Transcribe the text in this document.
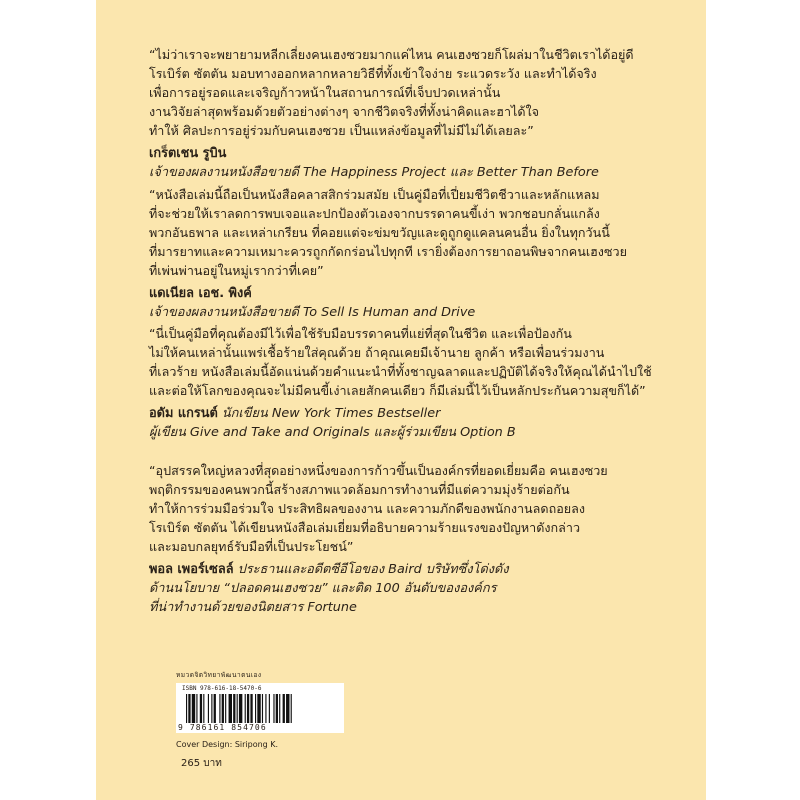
“ไม่ว่าเราจะพยายามหลีกเลี่ยงคนเฮงซวยมากแค่ไหน คนเฮงซวยก็โผล่มาในชีวิตเราได้อยู่ดี
โรเบิร์ต ซัตตัน มอบทางออกหลากหลายวิธีที่ทั้งเข้าใจง่าย ระแวดระวัง และทำได้จริง
เพื่อการอยู่รอดและเจริญก้าวหน้าในสถานการณ์ที่เจ็บปวดเหล่านั้น
งานวิจัยล่าสุดพร้อมด้วยตัวอย่างต่างๆ จากชีวิตจริงที่ทั้งน่าคิดและฮาได้ใจ
ทำให้ ศิลปะการอยู่ร่วมกับคนเฮงซวย เป็นแหล่งข้อมูลที่ไม่มีไม่ได้เลยละ”

เกร็ตเชน รูบิน

เจ้าของผลงานหนังสือขายดี The Happiness Project และ Better Than Before

“หนังสือเล่มนี้ถือเป็นหนังสือคลาสสิกร่วมสมัย เป็นคู่มือที่เปี่ยมชีวิตชีวาและหลักแหลม
ที่จะช่วยให้เราลดการพบเจอและปกป้องตัวเองจากบรรดาคนขี้เง่า พวกชอบกลั่นแกล้ง
พวกอันธพาล และเหล่าเกรียน ที่คอยแต่จะข่มขวัญและดูถูกดูแคลนคนอื่น ยิ่งในทุกวันนี้
ที่มารยาทและความเหมาะควรถูกกัดกร่อนไปทุกที เรายิ่งต้องการยาถอนพิษจากคนเฮงซวย
ที่เพ่นพ่านอยู่ในหมู่เรากว่าที่เคย”

แดเนียล เอช. พิงค์

เจ้าของผลงานหนังสือขายดี To Sell Is Human and Drive

“นี่เป็นคู่มือที่คุณต้องมีไว้เพื่อใช้รับมือบรรดาคนที่แย่ที่สุดในชีวิต และเพื่อป้องกัน
ไม่ให้คนเหล่านั้นแพร่เชื้อร้ายใส่คุณด้วย ถ้าคุณเคยมีเจ้านาย ลูกค้า หรือเพื่อนร่วมงาน
ที่เลวร้าย หนังสือเล่มนี้อัดแน่นด้วยคำแนะนำที่ทั้งชาญฉลาดและปฏิบัติได้จริงให้คุณได้นำไปใช้
และต่อให้โลกของคุณจะไม่มีคนขี้เง่าเลยสักคนเดียว ก็มีเล่มนี้ไว้เป็นหลักประกันความสุขก็ได้”

อดัม แกรนต์ นักเขียน New York Times Bestseller

ผู้เขียน Give and Take and Originals และผู้ร่วมเขียน Option B

“อุปสรรคใหญ่หลวงที่สุดอย่างหนึ่งของการก้าวขึ้นเป็นองค์กรที่ยอดเยี่ยมคือ คนเฮงซวย
พฤติกรรมของคนพวกนี้สร้างสภาพแวดล้อมการทำงานที่มีแต่ความมุ่งร้ายต่อกัน
ทำให้การร่วมมือร่วมใจ ประสิทธิผลของงาน และความภักดีของพนักงานลดถอยลง
โรเบิร์ต ซัตตัน ได้เขียนหนังสือเล่มเยี่ยมที่อธิบายความร้ายแรงของปัญหาดังกล่าว
และมอบกลยุทธ์รับมือที่เป็นประโยชน์”

พอล เพอร์เซลล์ ประธานและอดีตซีอีโอของ Baird บริษัทซึ่งโด่งดัง

ด้านนโยบาย “ปลอดคนเฮงซวย” และติด 100 อันดับขององค์กร

ที่น่าทำงานด้วยของนิตยสาร Fortune

หมวดจิตวิทยาพัฒนาตนเอง
ISBN 978-616-18-5470-6
9 786161 854706
Cover Design: Siripong K.
265 บาท
